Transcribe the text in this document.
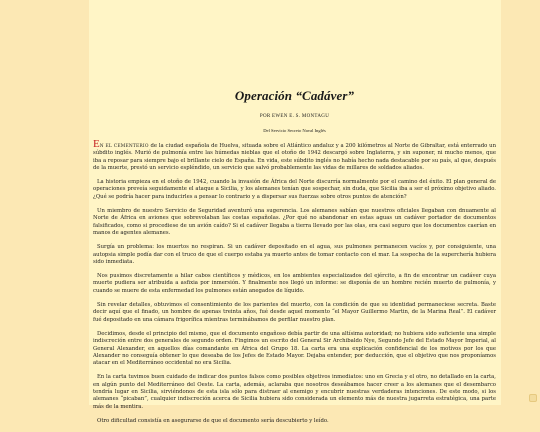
Operación “Cadáver”
POR EWEN E. S. MONTAGU
Del Servicio Secreto Naval Inglés

EN EL CEMENTERIO de la ciudad española de Huelva, situada sobre el Atlántico andaluz y a 200 kilómetros al Norte de Gibraltar, está enterrado un súbdito inglés. Murió de pulmonía entre las húmedas nieblas que el otoño de 1942 descargó sobre Inglaterra, y sin suponer, ni mucho menos, que iba a reposar para siempre bajo el brillante cielo de España. En vida, este súbdito inglés no había hecho nada destacable por su país, al que, después de la muerte, prestó un servicio espléndido, un servicio que salvó probablemente las vidas de millares de soldados aliados.

La historia empieza en el otoño de 1942, cuando la invasión de África del Norte discurría normalmente por el camino del éxito. El plan general de operaciones preveía seguidamente el ataque a Sicilia, y los alemanes tenían que sospechar, sin duda, que Sicilia iba a ser el próximo objetivo aliado. ¿Qué se podría hacer para inducirles a pensar lo contrario y a dispersar sus fuerzas sobre otros puntos de atención?

Un miembro de nuestro Servicio de Seguridad aventuró una sugerencia. Los alemanes sabían que nuestros oficiales llegaban con dnuamente al Norte de África en aviones que sobrevolaban las costas españolas. ¿Por qué no abandonar en estas aguas un cadáver portador de documentos falsificados, como si procediese de un avión caído? Si el cadáver llegaba a tierra llevado por las olas, era casi seguro que los documentos caerían en manos de agentes alemanes.

Surgía un problema: los muertos no respiran. Si un cadáver depositado en el agua, sus pulmones permanecen vacíos y, por consiguiente, una autopsia simple podía dar con el truco de que el cuerpo estaba ya muerto antes de tomar contacto con el mar. La sospecha de la superchería hubiera sido inmediata.

Nos pusimos discretamente a hilar cabos científicos y médicos, en los ambientes especializados del ejército, a fin de encontrar un cadáver cuya muerte pudiera ser atribuida a asfixia por inmersión. Y finalmente nos llegó un informe: se disponía de un hombre recién muerto de pulmonía, y cuando se muere de esta enfermedad los pulmones están anegados de líquido.

Sin revelar detalles, obtuvimos el consentimiento de los parientes del muerto, con la condición de que su identidad permaneciese secreta. Baste decir aquí que el finado, un hombre de apenas treinta años, fué desde aquel momento “el Mayor Guillermo Martin, de la Marina Real”. El cadáver fué depositado en una cámara frigorífica mientras terminábamos de perfilar nuestro plan.

Decidimos, desde el principio del mismo, que el documento engañoso debía partir de una altísima autoridad; no hubiera sido suficiente una simple indiscreción entre dos generales de segundo orden. Fingimos un escrito del General Sir Archibaldo Nye, Segundo Jefe del Estado Mayor Imperial, al General Alexander, en aquellos días comandante en África del Grupo 18. La carta era una explicación confidencial de los motivos por los que Alexander no conseguía obtener lo que deseaba de los Jefes de Estado Mayor. Dejaba entender, por deducción, que el objetivo que nos proponíamos atacar en el Mediterráneo occidental no era Sicilia.

En la carta tuvimos buen cuidado de indicar dos puntos falsos como posibles objetivos inmediatos: uno en Grecia y el otro, no detallado en la carta, en algún punto del Mediterráneo del Oeste. La carta, además, aclaraba que nosotros deseábamos hacer creer a los alemanes que el desembarco tendría lugar en Sicilia, sirviéndonos de esta isla sólo para distraer al enemigo y encubrir nuestras verdaderas intenciones. De este modo, si los alemanes “picaban”, cualquier indiscreción acerca de Sicilia hubiera sido considerada un elemento más de nuestra jugarreta estratégica, una parte más de la mentira.

Otro dificultad consistía en asegurarse de que el documento sería descubierto y leído.
